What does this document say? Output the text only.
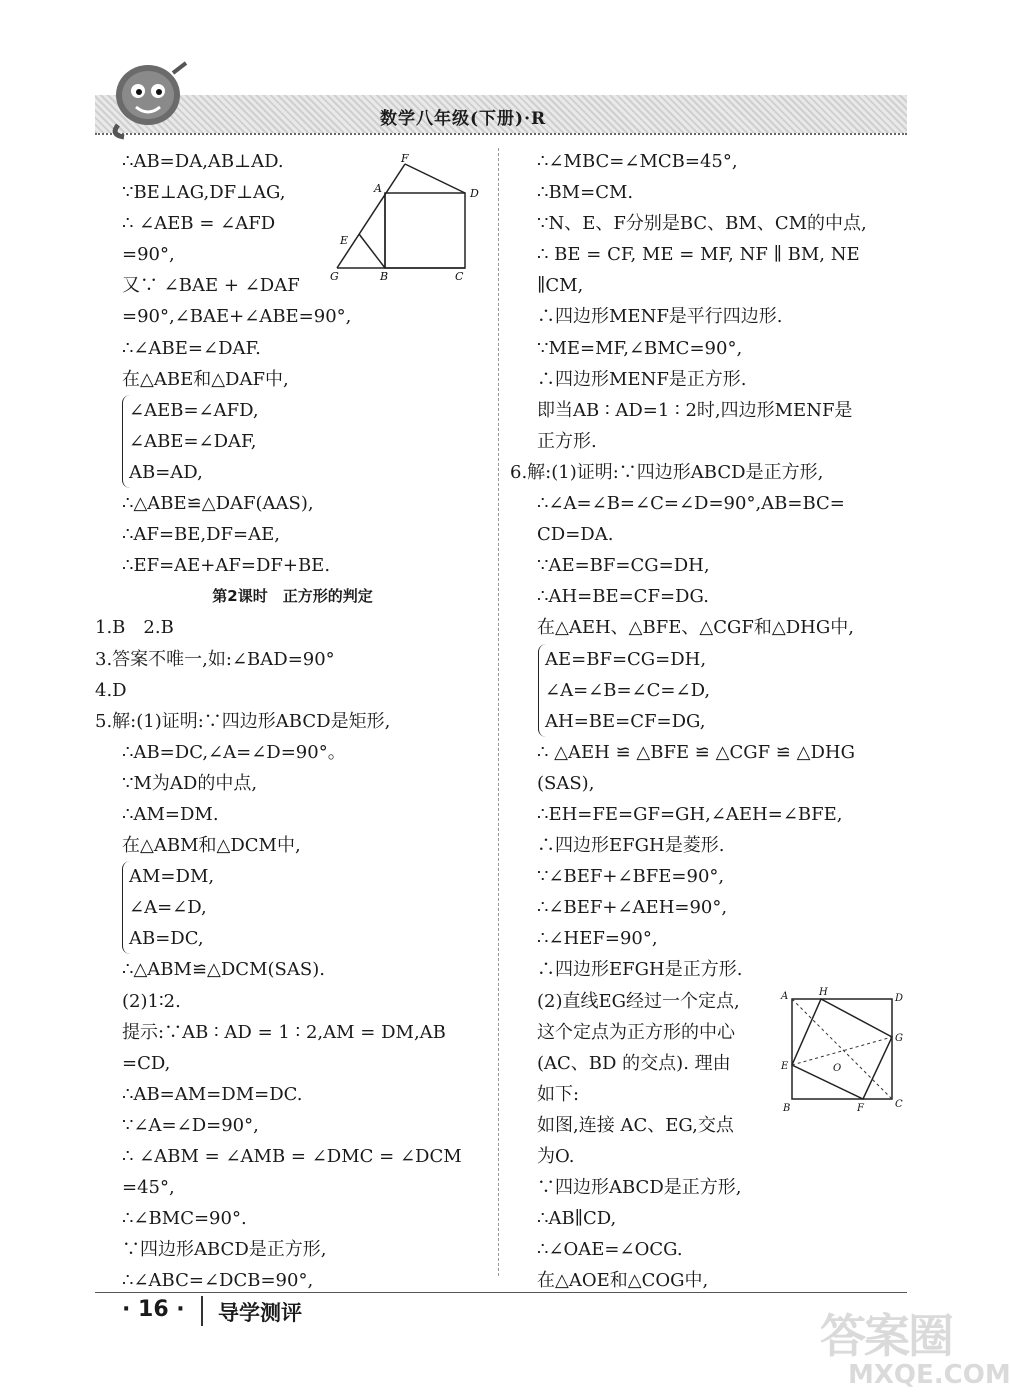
数学八年级(下册)·R
∴AB=DA,AB⊥AD.
∵BE⊥AG,DF⊥AG,
∴ ∠AEB = ∠AFD
=90°,
又∵ ∠BAE + ∠DAF
=90°,∠BAE+∠ABE=90°,
∴∠ABE=∠DAF.
在△ABE和△DAF中,
∠AEB=∠AFD,
∠ABE=∠DAF,
AB=AD,
∴△ABE≌△DAF(AAS),
∴AF=BE,DF=AE,
∴EF=AE+AF=DF+BE.
第2课时　正方形的判定
1.B　2.B
3.答案不唯一,如:∠BAD=90°
4.D
5.解:(1)证明:∵四边形ABCD是矩形,
∴AB=DC,∠A=∠D=90°。
∵M为AD的中点,
∴AM=DM.
在△ABM和△DCM中,
AM=DM,
∠A=∠D,
AB=DC,
∴△ABM≌△DCM(SAS).
(2)1∶2.
提示:∵AB ∶ AD = 1 ∶ 2,AM = DM,AB
=CD,
∴AB=AM=DM=DC.
∵∠A=∠D=90°,
∴ ∠ABM = ∠AMB = ∠DMC = ∠DCM
=45°,
∴∠BMC=90°.
∵四边形ABCD是正方形,
∴∠ABC=∠DCB=90°,
F
A	D
E
G	B	C
∴∠MBC=∠MCB=45°,
∴BM=CM.
∵N、E、F分别是BC、BM、CM的中点,
∴ BE = CF, ME = MF, NF ∥ BM, NE
∥CM,
∴四边形MENF是平行四边形.
∵ME=MF,∠BMC=90°,
∴四边形MENF是正方形.
即当AB ∶ AD=1 ∶ 2时,四边形MENF是
正方形.
6.解:(1)证明:∵四边形ABCD是正方形,
∴∠A=∠B=∠C=∠D=90°,AB=BC=
CD=DA.
∵AE=BF=CG=DH,
∴AH=BE=CF=DG.
在△AEH、△BFE、△CGF和△DHG中,
AE=BF=CG=DH,
∠A=∠B=∠C=∠D,
AH=BE=CF=DG,
∴ △AEH ≌ △BFE ≌ △CGF ≌ △DHG
(SAS),
∴EH=FE=GF=GH,∠AEH=∠BFE,
∴四边形EFGH是菱形.
∵∠BEF+∠BFE=90°,
∴∠BEF+∠AEH=90°,
∴∠HEF=90°,
∴四边形EFGH是正方形.
(2)直线EG经过一个定点,
这个定点为正方形的中心
(AC、BD 的交点). 理由
如下:
如图,连接 AC、EG,交点
为O.
∵四边形ABCD是正方形,
∴AB∥CD,
∴∠OAE=∠OCG.
在△AOE和△COG中,
A	H
D
G
E	O
B	F	C
· 16 · 导学测评	答案圈
MXQE.COM
